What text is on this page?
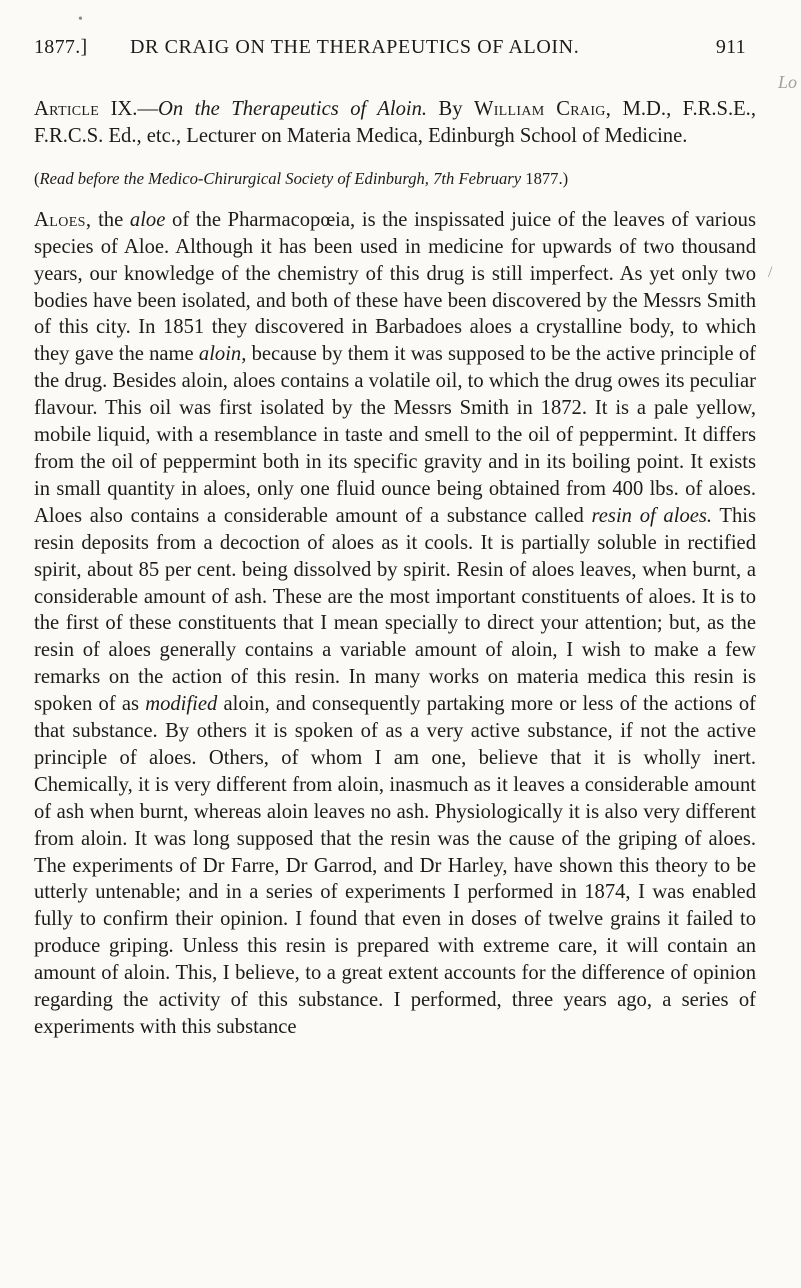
•
Lo
/
1877.] DR CRAIG ON THE THERAPEUTICS OF ALOIN.	911

Article IX.—On the Therapeutics of Aloin. By William Craig, M.D., F.R.S.E., F.R.C.S. Ed., etc., Lecturer on Materia Medica, Edinburgh School of Medicine.

(Read before the Medico-Chirurgical Society of Edinburgh, 7th February 1877.)

Aloes, the aloe of the Pharmacopœia, is the inspissated juice of the leaves of various species of Aloe. Although it has been used in medicine for upwards of two thousand years, our knowledge of the chemistry of this drug is still imperfect. As yet only two bodies have been isolated, and both of these have been discovered by the Messrs Smith of this city. In 1851 they discovered in Barbadoes aloes a crystalline body, to which they gave the name aloin, because by them it was supposed to be the active principle of the drug. Besides aloin, aloes contains a volatile oil, to which the drug owes its peculiar flavour. This oil was first isolated by the Messrs Smith in 1872. It is a pale yellow, mobile liquid, with a resemblance in taste and smell to the oil of peppermint. It differs from the oil of peppermint both in its specific gravity and in its boiling point. It exists in small quantity in aloes, only one fluid ounce being obtained from 400 lbs. of aloes. Aloes also contains a considerable amount of a substance called resin of aloes. This resin deposits from a decoction of aloes as it cools. It is partially soluble in rectified spirit, about 85 per cent. being dissolved by spirit. Resin of aloes leaves, when burnt, a considerable amount of ash. These are the most important constituents of aloes. It is to the first of these constituents that I mean specially to direct your attention; but, as the resin of aloes generally contains a variable amount of aloin, I wish to make a few remarks on the action of this resin. In many works on materia medica this resin is spoken of as modified aloin, and consequently partaking more or less of the actions of that substance. By others it is spoken of as a very active substance, if not the active principle of aloes. Others, of whom I am one, believe that it is wholly inert. Chemically, it is very different from aloin, inasmuch as it leaves a considerable amount of ash when burnt, whereas aloin leaves no ash. Physiologically it is also very different from aloin. It was long supposed that the resin was the cause of the griping of aloes. The experiments of Dr Farre, Dr Garrod, and Dr Harley, have shown this theory to be utterly untenable; and in a series of experiments I performed in 1874, I was enabled fully to confirm their opinion. I found that even in doses of twelve grains it failed to produce griping. Unless this resin is prepared with extreme care, it will contain an amount of aloin. This, I believe, to a great extent accounts for the difference of opinion regarding the activity of this substance. I performed, three years ago, a series of experiments with this substance
